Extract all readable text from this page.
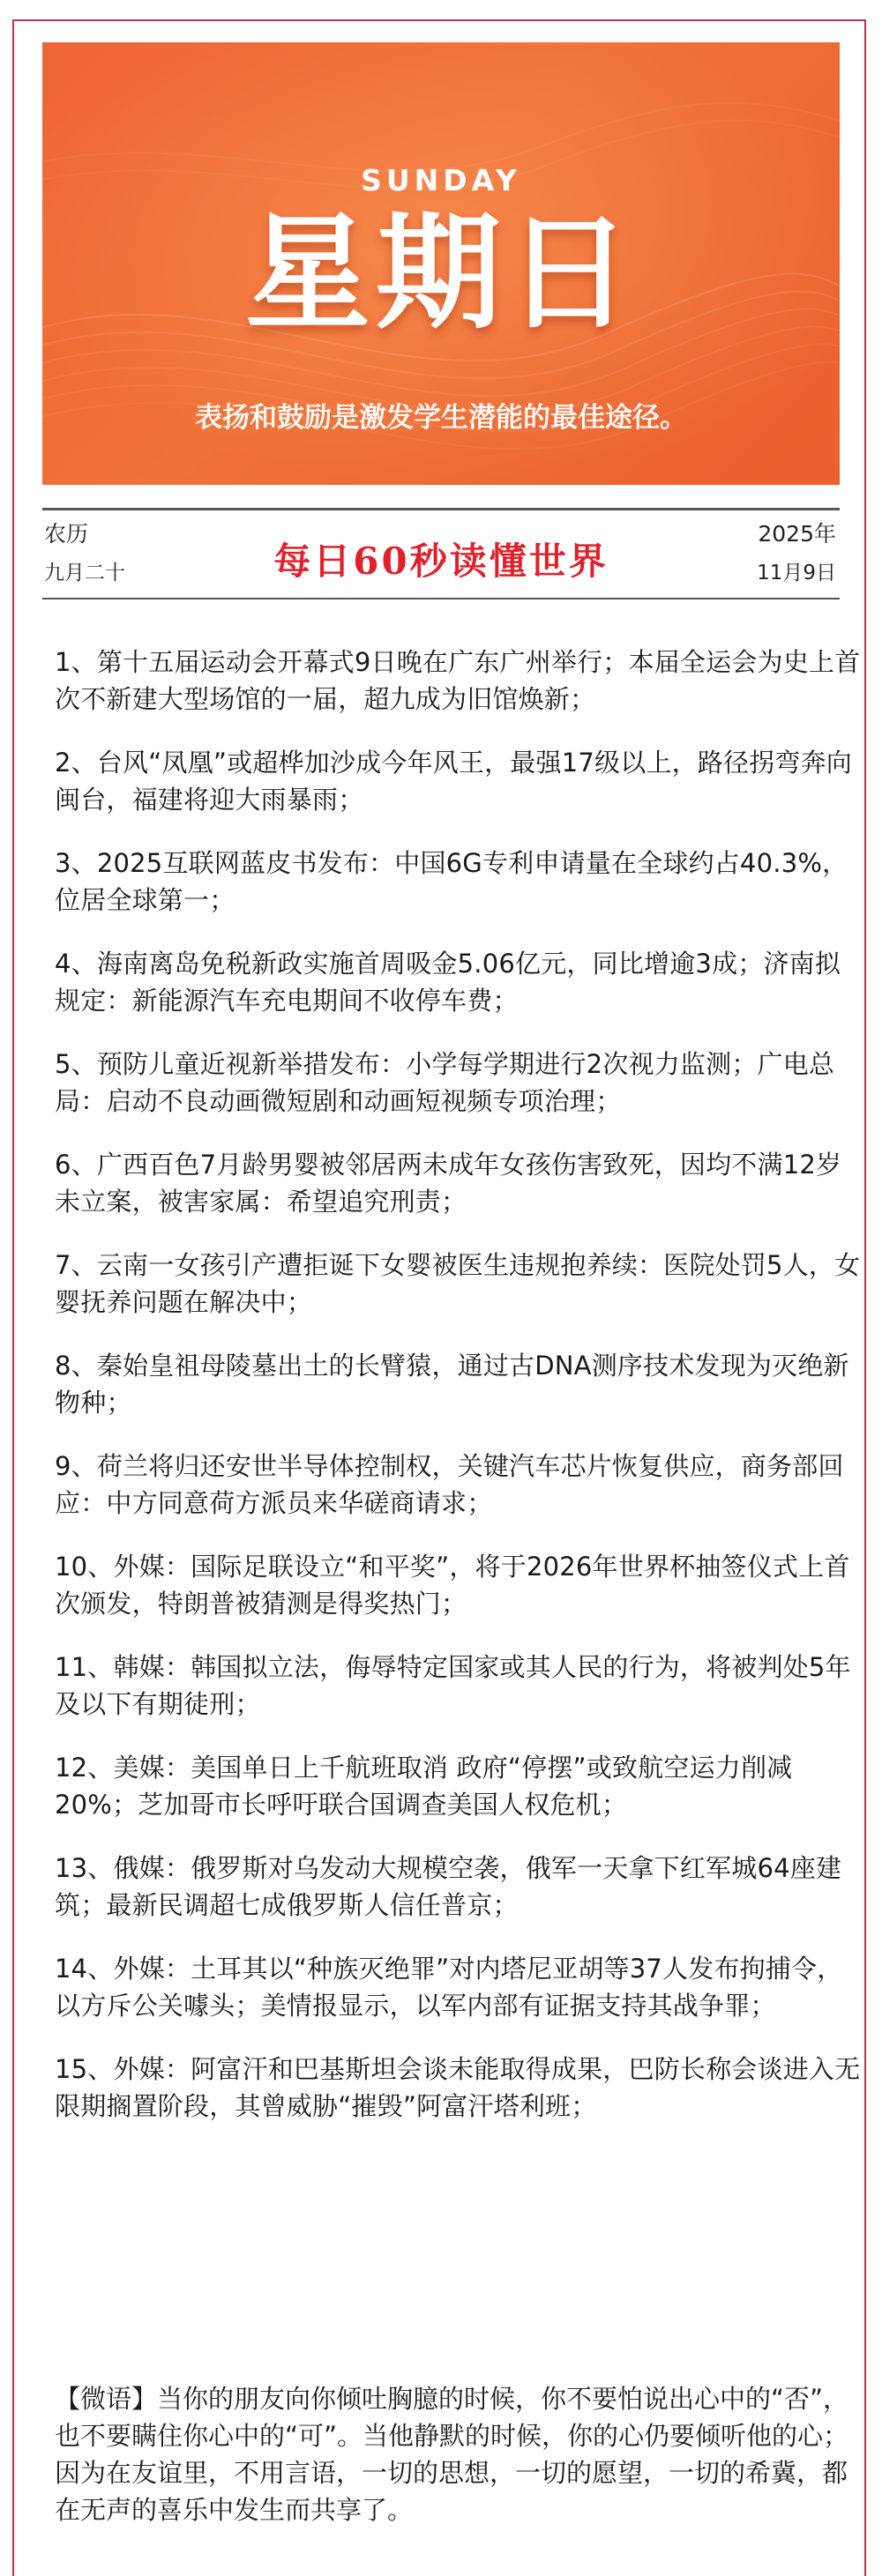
SUNDAY
星期日
表扬和鼓励是激发学生潜能的最佳途径。
农历
九月二十	每日60秒读懂世界
2025年
11月9日
1、第十五届运动会开幕式9日晚在广东广州举行；本届全运会为史上首次不新建大型场馆的一届，超九成为旧馆焕新；
2、台风“凤凰”或超桦加沙成今年风王，最强17级以上，路径拐弯奔向闽台，福建将迎大雨暴雨；
3、2025互联网蓝皮书发布：中国6G专利申请量在全球约占40.3%，位居全球第一；
4、海南离岛免税新政实施首周吸金5.06亿元，同比增逾3成；济南拟规定：新能源汽车充电期间不收停车费；
5、预防儿童近视新举措发布：小学每学期进行2次视力监测；广电总局：启动不良动画微短剧和动画短视频专项治理；
6、广西百色7月龄男婴被邻居两未成年女孩伤害致死，因均不满12岁未立案，被害家属：希望追究刑责；
7、云南一女孩引产遭拒诞下女婴被医生违规抱养续：医院处罚5人，女婴抚养问题在解决中；
8、秦始皇祖母陵墓出土的长臂猿，通过古DNA测序技术发现为灭绝新物种；
9、荷兰将归还安世半导体控制权，关键汽车芯片恢复供应，商务部回应：中方同意荷方派员来华磋商请求；
10、外媒：国际足联设立“和平奖”，将于2026年世界杯抽签仪式上首次颁发，特朗普被猜测是得奖热门；
11、韩媒：韩国拟立法，侮辱特定国家或其人民的行为，将被判处5年及以下有期徒刑；
12、美媒：美国单日上千航班取消 政府“停摆”或致航空运力削减20%；芝加哥市长呼吁联合国调查美国人权危机；
13、俄媒：俄罗斯对乌发动大规模空袭，俄军一天拿下红军城64座建筑；最新民调超七成俄罗斯人信任普京；
14、外媒：土耳其以“种族灭绝罪”对内塔尼亚胡等37人发布拘捕令，以方斥公关噱头；美情报显示，以军内部有证据支持其战争罪；
15、外媒：阿富汗和巴基斯坦会谈未能取得成果，巴防长称会谈进入无限期搁置阶段，其曾威胁“摧毁”阿富汗塔利班；
【微语】当你的朋友向你倾吐胸臆的时候，你不要怕说出心中的“否”，也不要瞒住你心中的“可”。当他静默的时候，你的心仍要倾听他的心；因为在友谊里，不用言语，一切的思想，一切的愿望，一切的希冀，都在无声的喜乐中发生而共享了。
